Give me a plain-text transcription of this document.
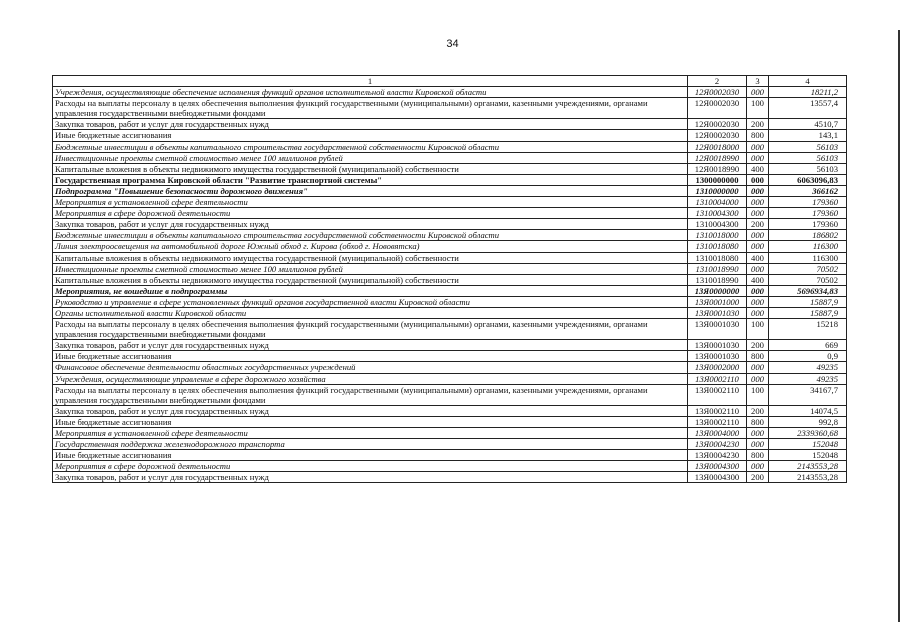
34
1	2	3	4
Учреждения, осуществляющие обеспечение исполнения функций органов исполнительной власти Кировской области	12Я0002030	000	18211,2
Расходы на выплаты персоналу в целях обеспечения выполнения функций государственными (муниципальными) органами, казенными учреждениями, органами управления государственными внебюджетными фондами	12Я0002030	100	13557,4
Закупка товаров, работ и услуг для государственных нужд	12Я0002030	200	4510,7
Иные бюджетные ассигнования	12Я0002030	800	143,1
Бюджетные инвестиции в объекты капитального строительства государственной собственности Кировской области	12Я0018000	000	56103
Инвестиционные проекты сметной стоимостью менее 100 миллионов рублей	12Я0018990	000	56103
Капитальные вложения в объекты недвижимого имущества государственной (муниципальной) собственности	12Я0018990	400	56103
Государственная программа Кировской области "Развитие транспортной системы"	1300000000	000	6063096,83
Подпрограмма "Повышение безопасности дорожного движения"	1310000000	000	366162
Мероприятия в установленной сфере деятельности	1310004000	000	179360
Мероприятия в сфере дорожной деятельности	1310004300	000	179360
Закупка товаров, работ и услуг для государственных нужд	1310004300	200	179360
Бюджетные инвестиции в объекты капитального строительства государственной собственности Кировской области	1310018000	000	186802
Линия электроосвещения на автомобильной дороге Южный обход г. Кирова (обход г. Нововятска)	1310018080	000	116300
Капитальные вложения в объекты недвижимого имущества государственной (муниципальной) собственности	1310018080	400	116300
Инвестиционные проекты сметной стоимостью менее 100 миллионов рублей	1310018990	000	70502
Капитальные вложения в объекты недвижимого имущества государственной (муниципальной) собственности	1310018990	400	70502
Мероприятия, не вошедшие в подпрограммы	13Я0000000	000	5696934,83
Руководство и управление в сфере установленных функций органов государственной власти Кировской области	13Я0001000	000	15887,9
Органы исполнительной власти Кировской области	13Я0001030	000	15887,9
Расходы на выплаты персоналу в целях обеспечения выполнения функций государственными (муниципальными) органами, казенными учреждениями, органами управления государственными внебюджетными фондами	13Я0001030	100	15218
Закупка товаров, работ и услуг для государственных нужд	13Я0001030	200	669
Иные бюджетные ассигнования	13Я0001030	800	0,9
Финансовое обеспечение деятельности областных государственных учреждений	13Я0002000	000	49235
Учреждения, осуществляющие управление в сфере дорожного хозяйства	13Я0002110	000	49235
Расходы на выплаты персоналу в целях обеспечения выполнения функций государственными (муниципальными) органами, казенными учреждениями, органами управления государственными внебюджетными фондами	13Я0002110	100	34167,7
Закупка товаров, работ и услуг для государственных нужд	13Я0002110	200	14074,5
Иные бюджетные ассигнования	13Я0002110	800	992,8
Мероприятия в установленной сфере деятельности	13Я0004000	000	2339360,68
Государственная поддержка железнодорожного транспорта	13Я0004230	000	152048
Иные бюджетные ассигнования	13Я0004230	800	152048
Мероприятия в сфере дорожной деятельности	13Я0004300	000	2143553,28
Закупка товаров, работ и услуг для государственных нужд	13Я0004300	200	2143553,28
